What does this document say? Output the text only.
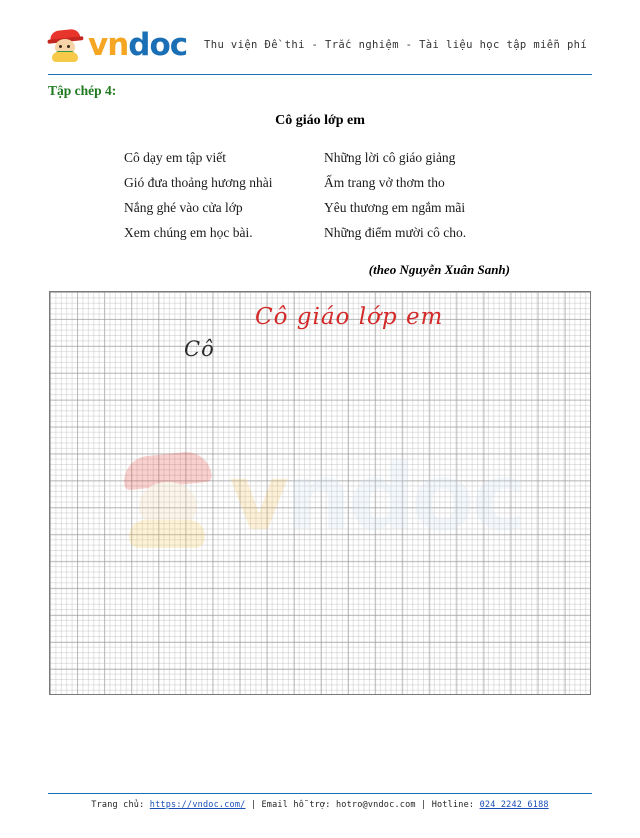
vndoc Thu viện Đề thi - Trắc nghiệm - Tài liệu học tập miễn phí
Tập chép 4:
Cô giáo lớp em
Cô dạy em tập viết	Những lời cô giáo giảng
Gió đưa thoảng hương nhài	Ấm trang vở thơm tho
Nắng ghé vào cửa lớp	Yêu thương em ngắm mãi
Xem chúng em học bài.	Những điểm mười cô cho.
(theo Nguyễn Xuân Sanh)
vndoc
Cô giáo lớp em
Cô
Trang chủ: https://vndoc.com/ | Email hỗ trợ: hotro@vndoc.com | Hotline: 024 2242 6188
